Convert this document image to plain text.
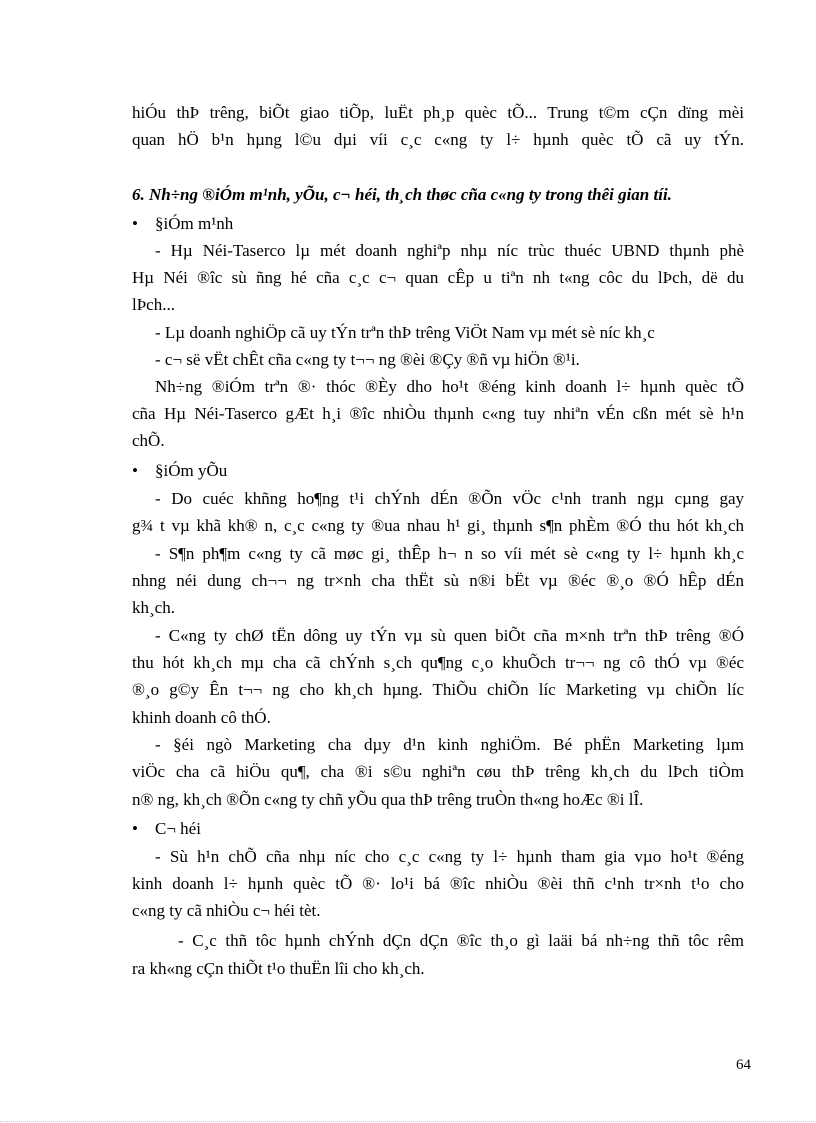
hiÓu thÞ trêng, biÕt giao tiÕp, luËt ph¸p quèc tÕ... Trung t©m cÇn dïng mèi
quan hÖ b¹n hµng l©u dµi víi c¸c c«ng ty l÷ hµnh quèc tÕ cã uy tÝn.
6. Nh÷ng ®iÓm m¹nh, yÕu, c¬ héi, th¸ch thøc cña c«ng ty trong thêi gian tíi.
• §iÓm m¹nh
- Hµ Néi-Taserco lµ mét doanh nghiªp nhµ níc trùc thuéc UBND thµnh phè
Hµ Néi ®îc sù ñng hé cña c¸c c¬ quan cÊp u tiªn nh t«ng côc du lÞch, dë du
lÞch...
- Lµ doanh nghiÖp cã uy tÝn trªn thÞ trêng ViÖt Nam vµ mét sè níc kh¸c
- c¬ së vËt chÊt cña c«ng ty t¬¬ ng ®èi ®Çy ®ñ vµ hiÖn ®¹i.
Nh÷ng ®iÓm trªn ®· thóc ®Èy dho ho¹t ®éng kinh doanh l÷ hµnh quèc tÕ
cña Hµ Néi-Taserco gÆt h¸i ®îc nhiÒu thµnh c«ng tuy nhiªn vÉn cßn mét sè h¹n
chÕ.
• §iÓm yÕu
- Do cuéc khñng ho¶ng t¹i chÝnh dÉn ®Õn vÖc c¹nh tranh ngµ cµng gay
g¾ t vµ khã kh® n, c¸c c«ng ty ®ua nhau h¹ gi¸ thµnh s¶n phÈm ®Ó thu hót kh¸ch
- S¶n ph¶m c«ng ty cã møc gi¸ thÊp h¬ n so víi mét sè c«ng ty l÷ hµnh kh¸c
nhng néi dung ch¬¬ ng tr×nh cha thËt sù n®i bËt vµ ®éc ®¸o ®Ó hÊp dÉn
kh¸ch.
- C«ng ty chØ tËn dông uy tÝn vµ sù quen biÕt cña m×nh trªn thÞ trêng ®Ó
thu hót kh¸ch mµ cha cã chÝnh s¸ch qu¶ng c¸o khuÕch tr¬¬ ng cô thÓ vµ ®éc
®¸o g©y Ên t¬¬ ng cho kh¸ch hµng. ThiÕu chiÕn líc Marketing vµ chiÕn líc
khinh doanh cô thÓ.
- §éi ngò Marketing cha dµy d¹n kinh nghiÖm. Bé phËn Marketing lµm
viÖc cha cã hiÖu qu¶, cha ®i s©u nghiªn cøu thÞ trêng kh¸ch du lÞch tiÒm
n® ng, kh¸ch ®Õn c«ng ty chñ yÕu qua thÞ trêng truÒn th«ng hoÆc ®i lÎ.
• C¬ héi
- Sù h¹n chÕ cña nhµ níc cho c¸c c«ng ty l÷ hµnh tham gia vµo ho¹t ®éng
kinh doanh l÷ hµnh quèc tÕ ®· lo¹i bá ®îc nhiÒu ®èi thñ c¹nh tr×nh t¹o cho
c«ng ty cã nhiÒu c¬ héi tèt.
- C¸c thñ tôc hµnh chÝnh dÇn dÇn ®îc th¸o gì laäi bá nh÷ng thñ tôc rêm
ra kh«ng cÇn thiÕt t¹o thuËn lîi cho kh¸ch.
64
